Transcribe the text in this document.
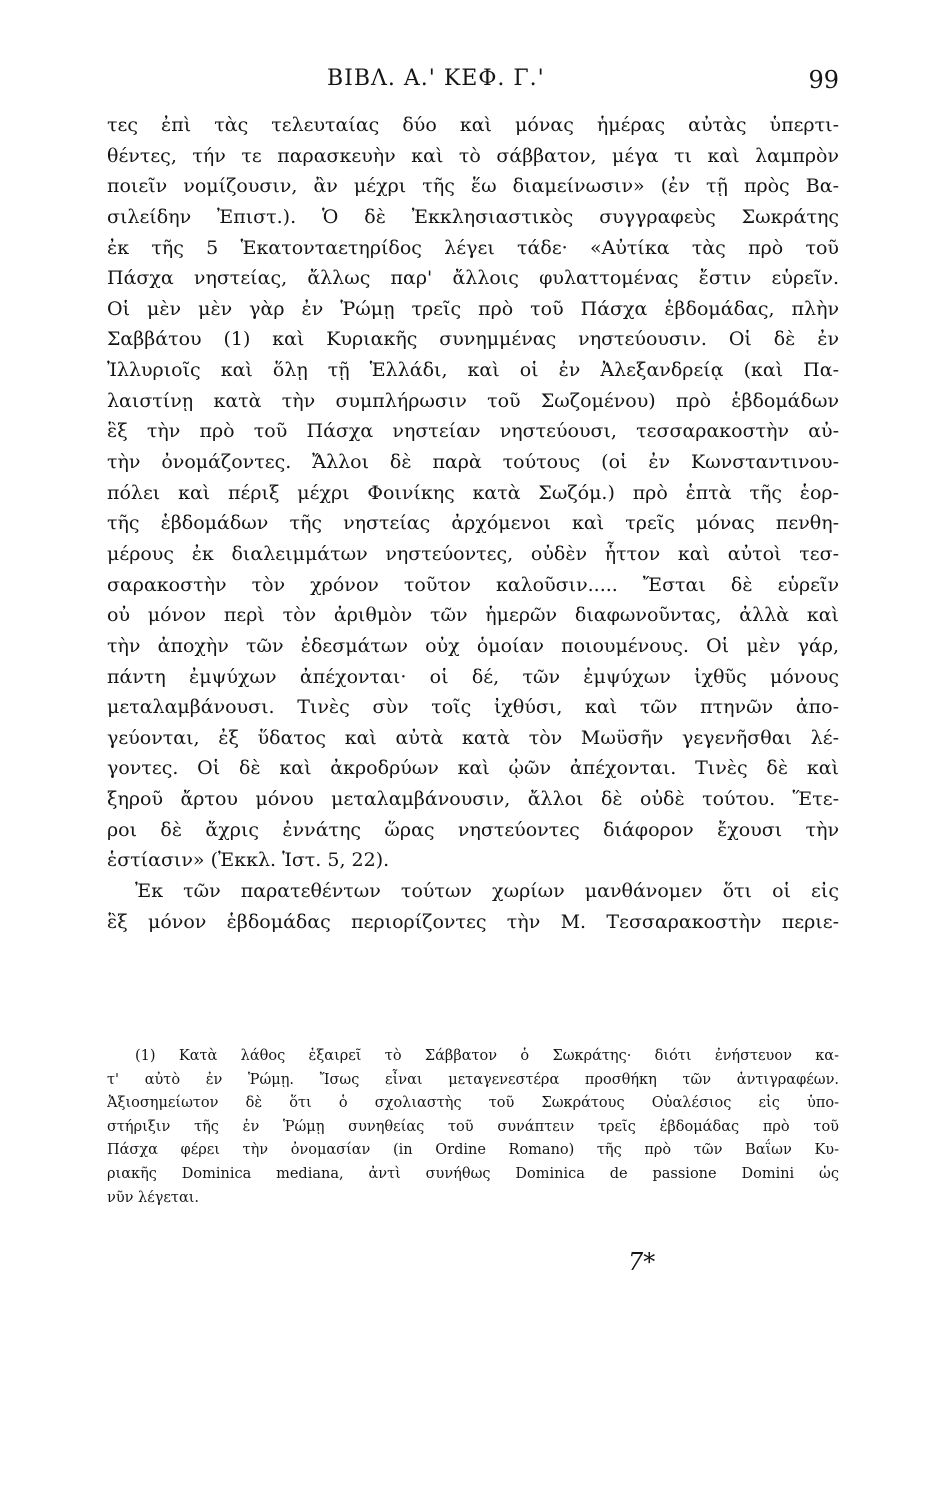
ΒΙΒΛ. Α.' ΚΕΦ. Γ.'	99
τες ἐπὶ τὰς τελευταίας δύο καὶ μόνας ἡμέρας αὐτὰς ὑπερτι-
θέντες, τήν τε παρασκευὴν καὶ τὸ σάββατον, μέγα τι καὶ λαμπρὸν
ποιεῖν νομίζουσιν, ἂν μέχρι τῆς ἕω διαμείνωσιν» (ἐν τῇ πρὸς Βα-
σιλείδην Ἐπιστ.). Ὁ δὲ Ἐκκλησιαστικὸς συγγραφεὺς Σωκράτης
ἐκ τῆς 5 Ἑκατονταετηρίδος λέγει τάδε· «Αὐτίκα τὰς πρὸ τοῦ
Πάσχα νηστείας, ἄλλως παρ' ἄλλοις φυλαττομένας ἔστιν εὑρεῖν.
Οἱ μὲν μὲν γὰρ ἐν Ῥώμῃ τρεῖς πρὸ τοῦ Πάσχα ἑβδομάδας, πλὴν
Σαββάτου (1) καὶ Κυριακῆς συνημμένας νηστεύουσιν. Οἱ δὲ ἐν
Ἰλλυριοῖς καὶ ὅλῃ τῇ Ἑλλάδι, καὶ οἱ ἐν Ἀλεξανδρείᾳ (καὶ Πα-
λαιστίνῃ κατὰ τὴν συμπλήρωσιν τοῦ Σωζομένου) πρὸ ἑβδομάδων
ἓξ τὴν πρὸ τοῦ Πάσχα νηστείαν νηστεύουσι, τεσσαρακοστὴν αὐ-
τὴν ὀνομάζοντες. Ἄλλοι δὲ παρὰ τούτους (οἱ ἐν Κωνσταντινου-
πόλει καὶ πέριξ μέχρι Φοινίκης κατὰ Σωζόμ.) πρὸ ἑπτὰ τῆς ἑορ-
τῆς ἑβδομάδων τῆς νηστείας ἀρχόμενοι καὶ τρεῖς μόνας πενθη-
μέρους ἐκ διαλειμμάτων νηστεύοντες, οὐδὲν ἧττον καὶ αὐτοὶ τεσ-
σαρακοστὴν τὸν χρόνον τοῦτον καλοῦσιν..... Ἔσται δὲ εὑρεῖν
οὐ μόνον περὶ τὸν ἀριθμὸν τῶν ἡμερῶν διαφωνοῦντας, ἀλλὰ καὶ
τὴν ἀποχὴν τῶν ἐδεσμάτων οὐχ ὁμοίαν ποιουμένους. Οἱ μὲν γάρ,
πάντη ἐμψύχων ἀπέχονται· οἱ δέ, τῶν ἐμψύχων ἰχθῦς μόνους
μεταλαμβάνουσι. Τινὲς σὺν τοῖς ἰχθύσι, καὶ τῶν πτηνῶν ἀπο-
γεύονται, ἐξ ὕδατος καὶ αὐτὰ κατὰ τὸν Μωϋσῆν γεγενῆσθαι λέ-
γοντες. Οἱ δὲ καὶ ἀκροδρύων καὶ ᾠῶν ἀπέχονται. Τινὲς δὲ καὶ
ξηροῦ ἄρτου μόνου μεταλαμβάνουσιν, ἄλλοι δὲ οὐδὲ τούτου. Ἕτε-
ροι δὲ ἄχρις ἐννάτης ὥρας νηστεύοντες διάφορον ἔχουσι τὴν
ἑστίασιν» (Ἐκκλ. Ἱστ. 5, 22).
Ἐκ τῶν παρατεθέντων τούτων χωρίων μανθάνομεν ὅτι οἱ εἰς
ἓξ μόνον ἑβδομάδας περιορίζοντες τὴν Μ. Τεσσαρακοστὴν περιε-
(1) Κατὰ λάθος ἐξαιρεῖ τὸ Σάββατον ὁ Σωκράτης· διότι ἐνήστευον κα-
τ' αὐτὸ ἐν Ῥώμῃ. Ἴσως εἶναι μεταγενεστέρα προσθήκη τῶν ἀντιγραφέων.
Ἀξιοσημείωτον δὲ ὅτι ὁ σχολιαστὴς τοῦ Σωκράτους Οὐαλέσιος εἰς ὑπο-
στήριξιν τῆς ἐν Ῥώμῃ συνηθείας τοῦ συνάπτειν τρεῖς ἑβδομάδας πρὸ τοῦ
Πάσχα φέρει τὴν ὀνομασίαν (in Ordine Romano) τῆς πρὸ τῶν Βαΐων Κυ-
ριακῆς Dominica mediana, ἀντὶ συνήθως Dominica de passione Domini ὡς
νῦν λέγεται.
7*
